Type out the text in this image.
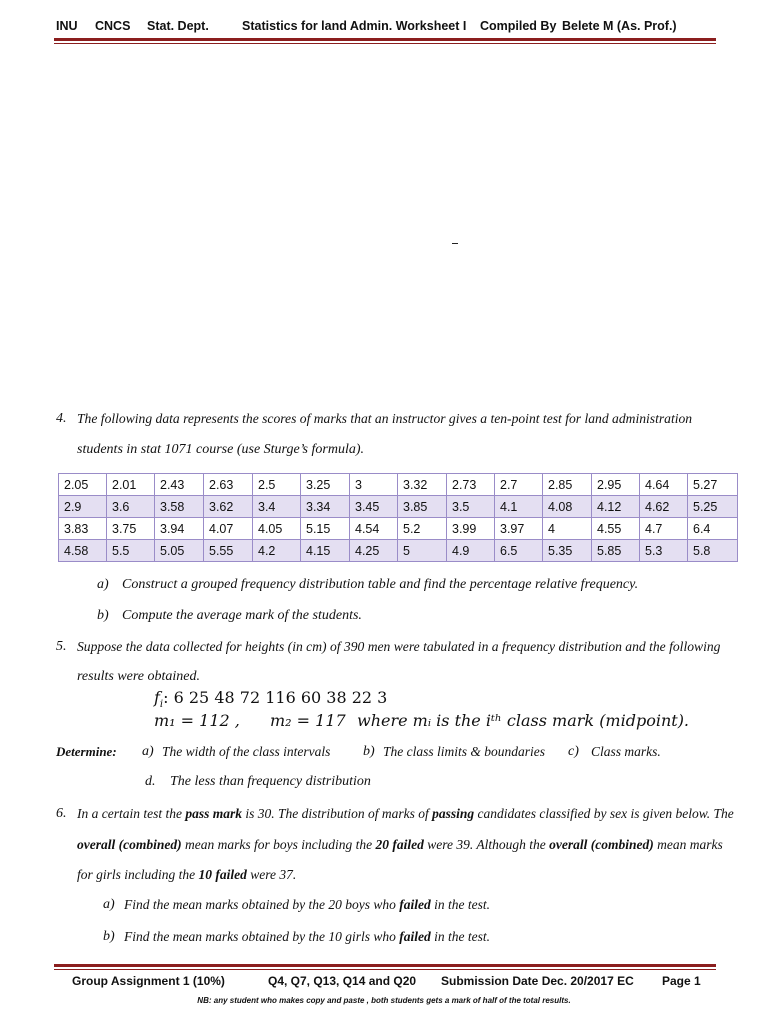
INU CNCS Stat. Dept.	Statistics for land Admin. Worksheet I Compiled By Belete M (As. Prof.)
4. The following data represents the scores of marks that an instructor gives a ten-point test for land administration
students in stat 1071 course (use Sturge’s formula).
2.05	2.01	2.43	2.63	2.5	3.25	3	3.32	2.73	2.7	2.85	2.95	4.64	5.27
2.9	3.6	3.58	3.62	3.4	3.34	3.45	3.85	3.5	4.1	4.08	4.12	4.62	5.25
3.83	3.75	3.94	4.07	4.05	5.15	4.54	5.2	3.99	3.97	4	4.55	4.7	6.4
4.58	5.5	5.05	5.55	4.2	4.15	4.25	5	4.9	6.5	5.35	5.85	5.3	5.8
a) Construct a grouped frequency distribution table and find the percentage relative frequency.
b) Compute the average mark of the students.
5. Suppose the data collected for heights (in cm) of 390 men were tabulated in a frequency distribution and the following
results were obtained.
$f_i$: 6 25 48 72 116 60 38 22 3
m₁ = 112 , m₂ = 117 where mᵢ is the iᵗʰ class mark (midpoint).
Determine: a) The width of the class intervals b) The class limits & boundaries c) Class marks.
d. The less than frequency distribution
6. In a certain test the pass mark is 30. The distribution of marks of passing candidates classified by sex is given below. The
overall (combined) mean marks for boys including the 20 failed were 39. Although the overall (combined) mean marks
for girls including the 10 failed were 37.
a) Find the mean marks obtained by the 20 boys who failed in the test.
b) Find the mean marks obtained by the 10 girls who failed in the test.
Group Assignment 1 (10%)	Q4, Q7, Q13, Q14 and Q20 Submission Date Dec. 20/2017 EC Page 1
NB: any student who makes copy and paste , both students gets a mark of half of the total results.
